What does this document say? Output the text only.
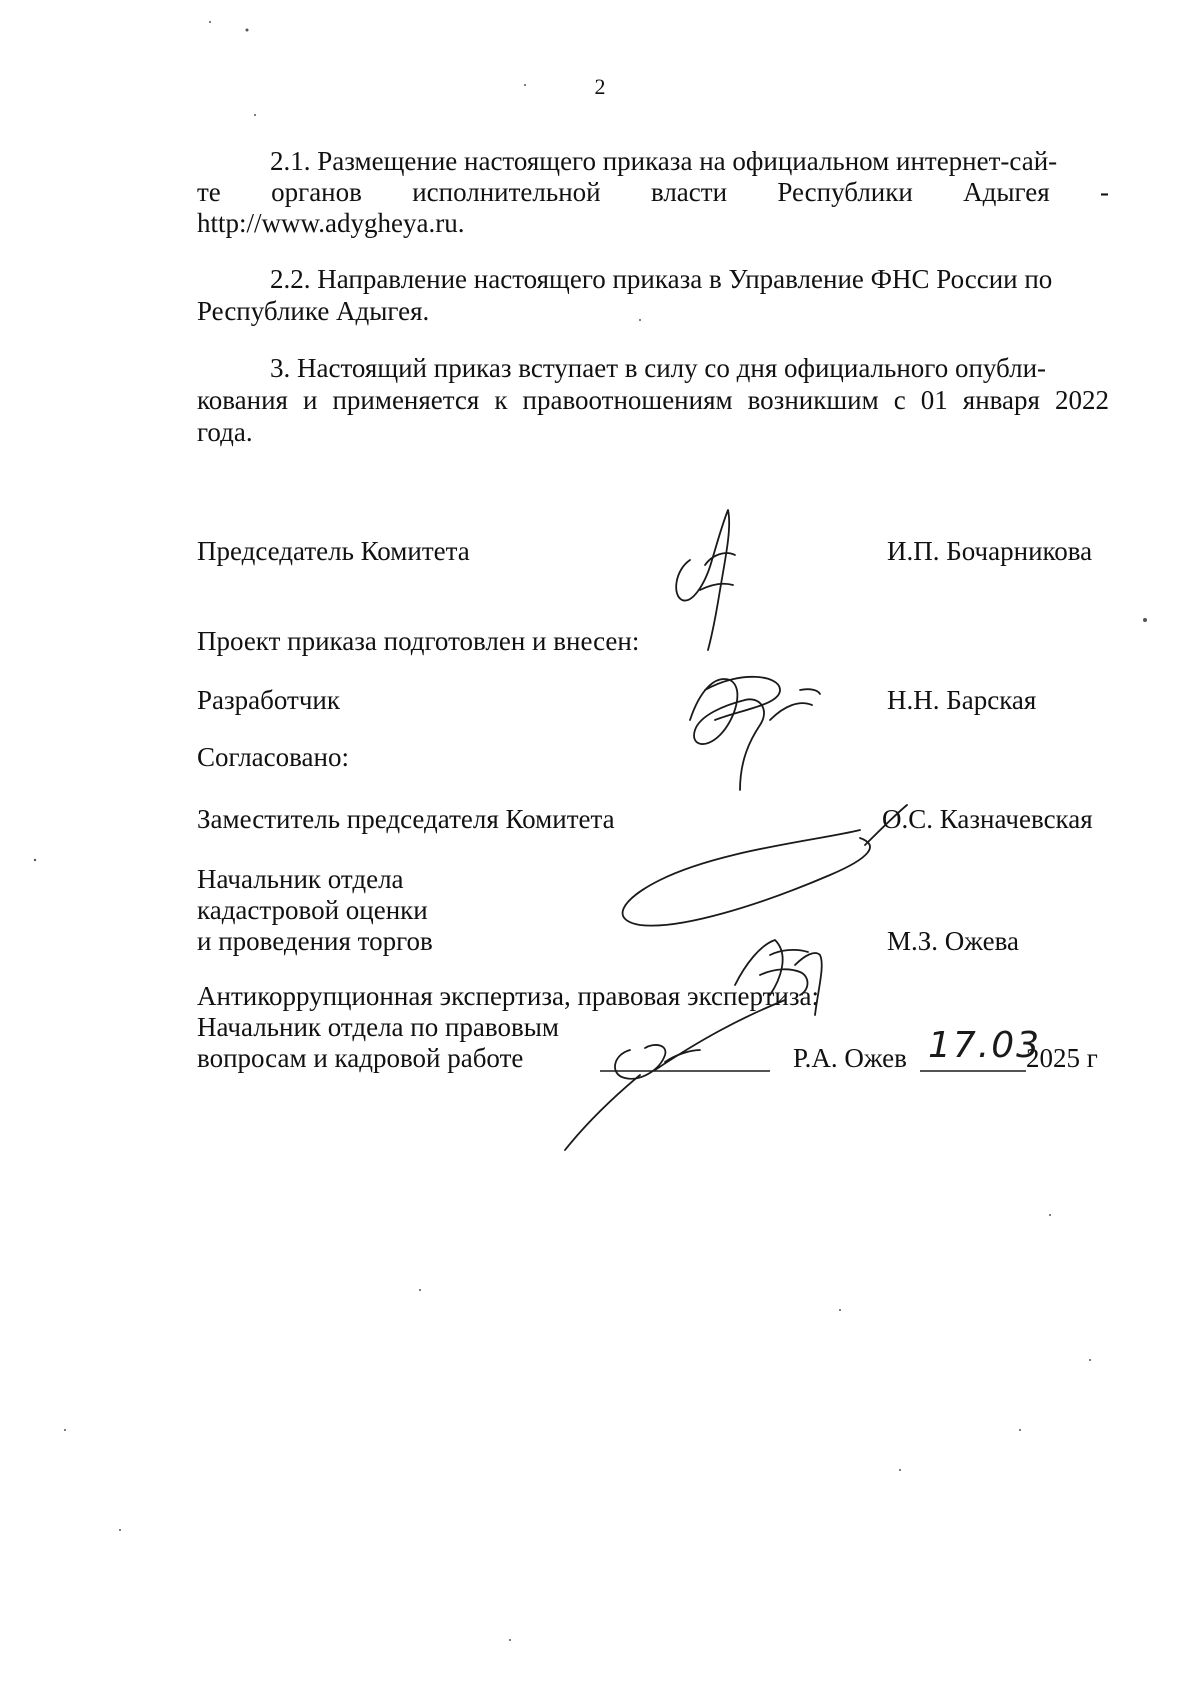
2
2.1. Размещение настоящего приказа на официальном интернет-сай-
те органов исполнительной власти Республики Адыгея -
http://www.adygheya.ru.
2.2. Направление настоящего приказа в Управление ФНС России по
Республике Адыгея.
3. Настоящий приказ вступает в силу со дня официального опубли-
кования и применяется к правоотношениям возникшим с 01 января 2022
года.
Председатель Комитета	И.П. Бочарникова
Проект приказа подготовлен и внесен:
Разработчик	Н.Н. Барская
Согласовано:
Заместитель председателя Комитета	О.С. Казначевская
Начальник отдела
кадастровой оценки
и проведения торгов	М.З. Ожева
Антикоррупционная экспертиза, правовая экспертиза:
Начальник отдела по правовым
вопросам и кадровой работе	Р.А. Ожев	2025 г
17.03
